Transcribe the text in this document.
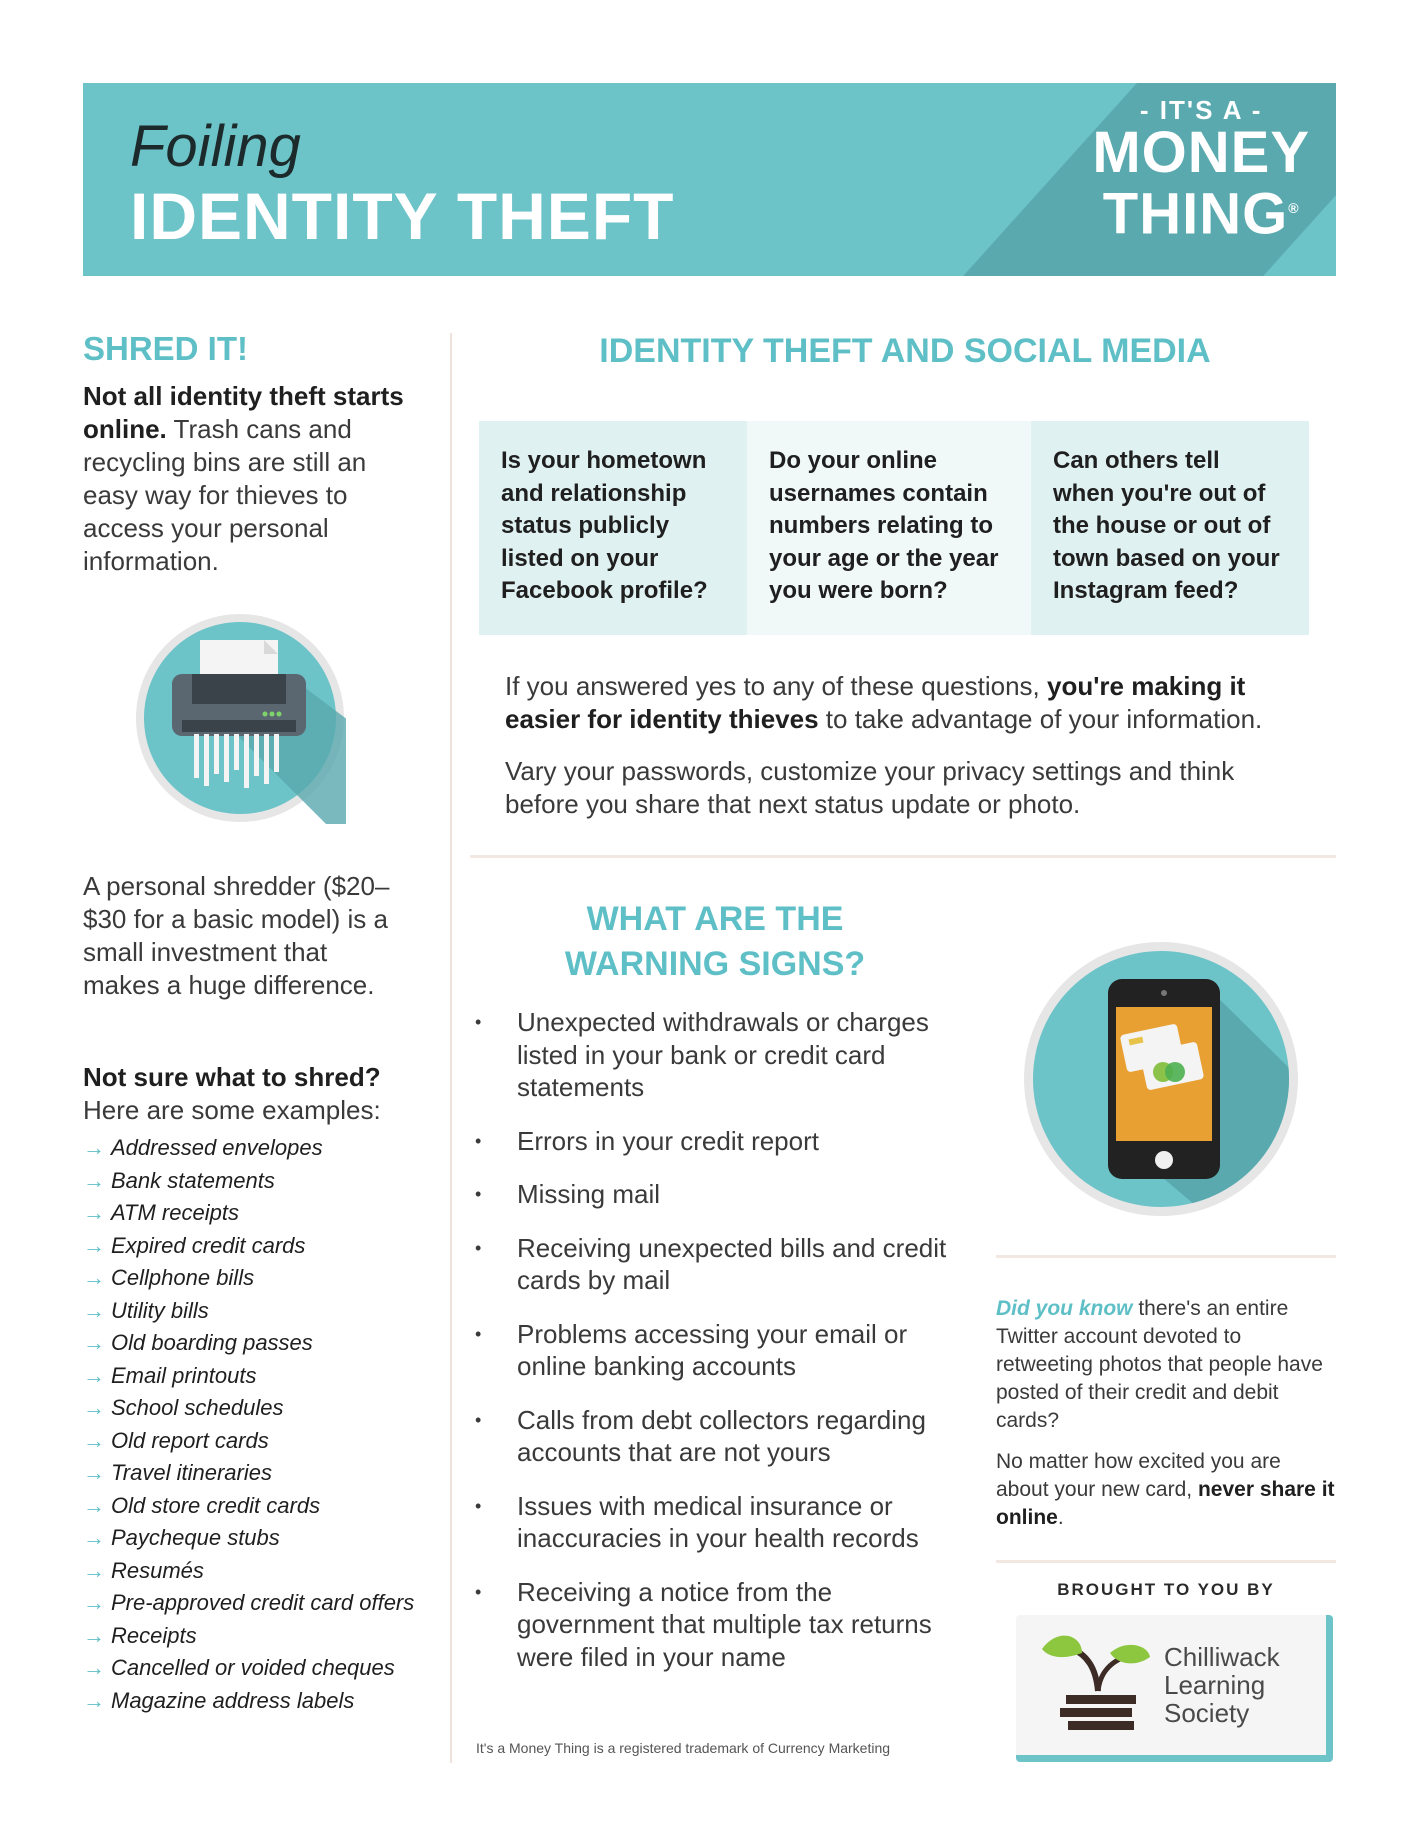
Foiling
IDENTITY THEFT
- IT'S A -
MONEY
THING®
SHRED IT!
Not all identity theft starts online. Trash cans and recycling bins are still an easy way for thieves to access your personal information.
A personal shredder ($20–$30 for a basic model) is a small investment that makes a huge difference.
Not sure what to shred?
Here are some examples:
→ Addressed envelopes
→ Bank statements
→ ATM receipts
→ Expired credit cards
→ Cellphone bills
→ Utility bills
→ Old boarding passes
→ Email printouts
→ School schedules
→ Old report cards
→ Travel itineraries
→ Old store credit cards
→ Paycheque stubs
→ Resumés
→ Pre-approved credit card offers
→ Receipts
→ Cancelled or voided cheques
→ Magazine address labels
IDENTITY THEFT AND SOCIAL MEDIA
Is your hometown and relationship status publicly listed on your Facebook profile?
Do your online usernames contain numbers relating to your age or the year you were born?
Can others tell when you're out of the house or out of town based on your Instagram feed?
If you answered yes to any of these questions, you're making it easier for identity thieves to take advantage of your information.
Vary your passwords, customize your privacy settings and think before you share that next status update or photo.
WHAT ARE THE
WARNING SIGNS?
• Unexpected withdrawals or charges listed in your bank or credit card statements
• Errors in your credit report
• Missing mail
• Receiving unexpected bills and credit cards by mail
• Problems accessing your email or online banking accounts
• Calls from debt collectors regarding accounts that are not yours
• Issues with medical insurance or inaccuracies in your health records
• Receiving a notice from the government that multiple tax returns were filed in your name
Did you know there's an entire Twitter account devoted to retweeting photos that people have posted of their credit and debit cards?
No matter how excited you are about your new card, never share it online.
BROUGHT TO YOU BY
Chilliwack
Learning
Society
It's a Money Thing is a registered trademark of Currency Marketing
